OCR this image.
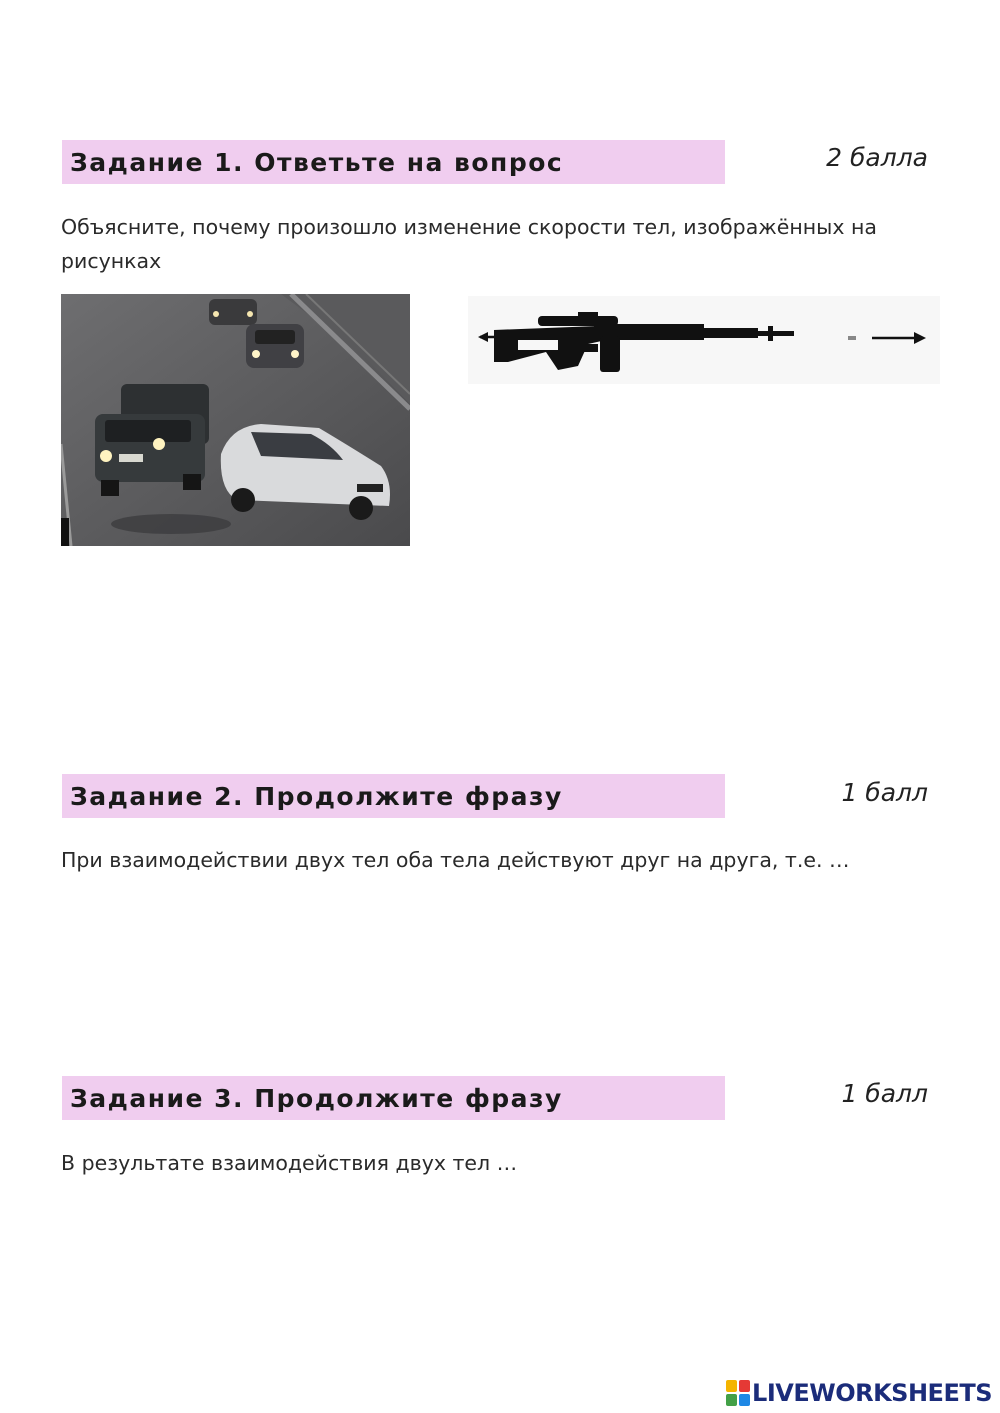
Задание 1. Ответьте на вопрос	2 балла
Объясните, почему произошло изменение скорости тел, изображённых на рисунках
Задание 2. Продолжите фразу	1 балл
При взаимодействии двух тел оба тела действуют друг на друга, т.е. …
Задание 3. Продолжите фразу	1 балл
В результате взаимодействия двух тел …
LIVEWORKSHEETS
